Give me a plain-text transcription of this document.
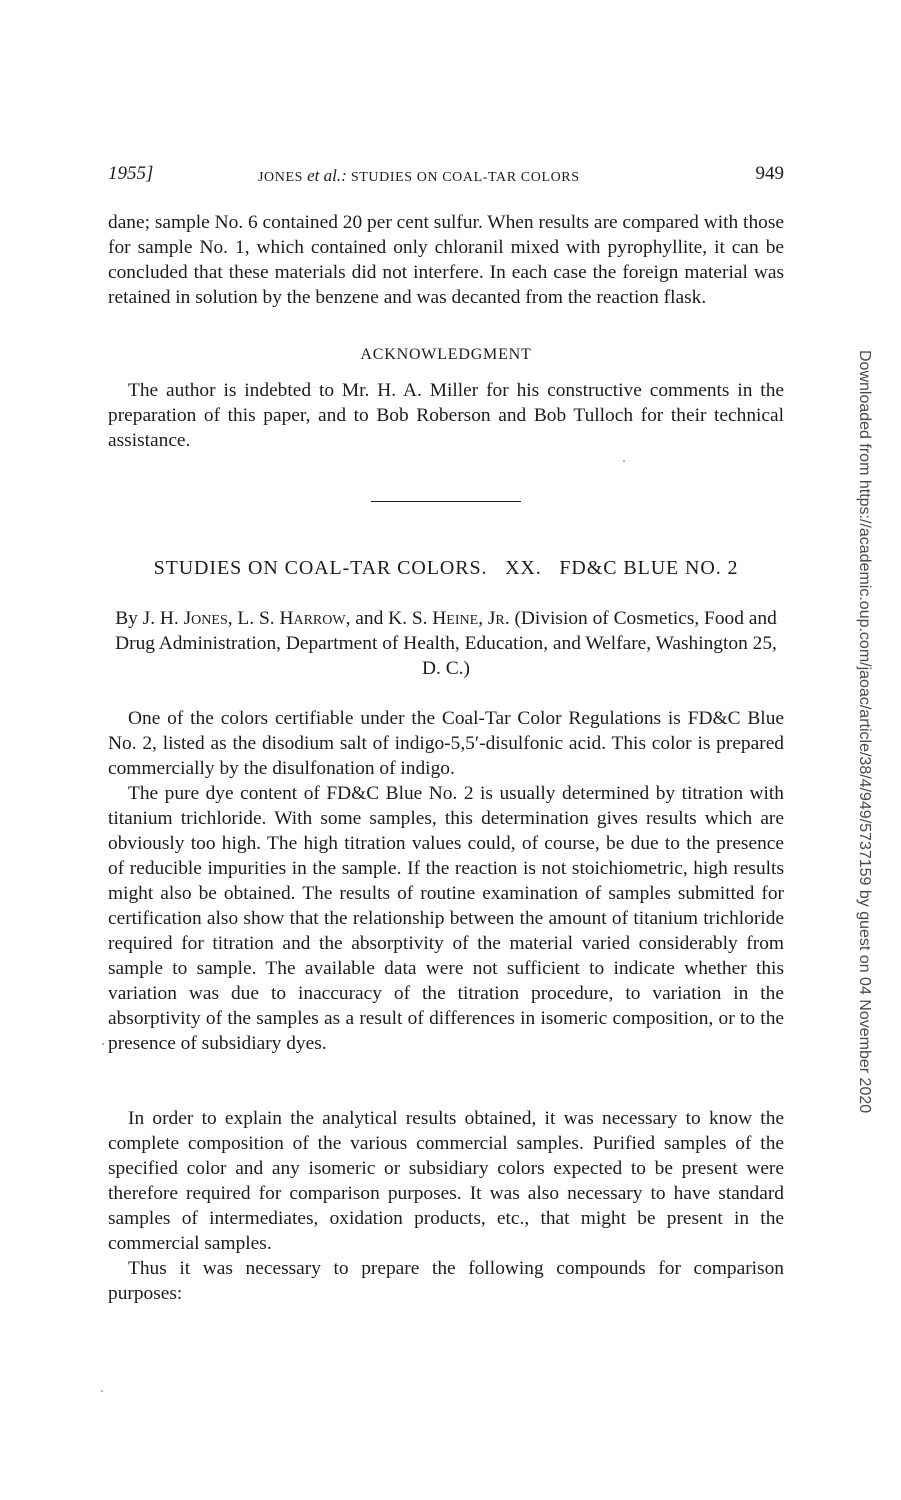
1955]	JONES et al.: STUDIES ON COAL-TAR COLORS	949

dane; sample No. 6 contained 20 per cent sulfur. When results are compared with those for sample No. 1, which contained only chloranil mixed with pyrophyllite, it can be concluded that these materials did not interfere. In each case the foreign material was retained in solution by the benzene and was decanted from the reaction flask.

ACKNOWLEDGMENT

The author is indebted to Mr. H. A. Miller for his constructive comments in the preparation of this paper, and to Bob Roberson and Bob Tulloch for their technical assistance.

STUDIES ON COAL-TAR COLORS.   XX.   FD&C BLUE NO. 2
By J. H. Jones, L. S. Harrow, and K. S. Heine, Jr. (Division of Cosmetics, Food and Drug Administration, Department of Health, Education, and Welfare, Washington 25, D. C.)

One of the colors certifiable under the Coal-Tar Color Regulations is FD&C Blue No. 2, listed as the disodium salt of indigo-5,5′-disulfonic acid. This color is prepared commercially by the disulfonation of indigo.

The pure dye content of FD&C Blue No. 2 is usually determined by titration with titanium trichloride. With some samples, this determination gives results which are obviously too high. The high titration values could, of course, be due to the presence of reducible impurities in the sample. If the reaction is not stoichiometric, high results might also be obtained. The results of routine examination of samples submitted for certification also show that the relationship between the amount of titanium trichloride required for titration and the absorptivity of the material varied considerably from sample to sample. The available data were not sufficient to indicate whether this variation was due to inaccuracy of the titration procedure, to variation in the absorptivity of the samples as a result of differences in isomeric composition, or to the presence of subsidiary dyes.

In order to explain the analytical results obtained, it was necessary to know the complete composition of the various commercial samples. Purified samples of the specified color and any isomeric or subsidiary colors expected to be present were therefore required for comparison purposes. It was also necessary to have standard samples of intermediates, oxidation products, etc., that might be present in the commercial samples.

Thus it was necessary to prepare the following compounds for comparison purposes:

Downloaded from https://academic.oup.com/jaoac/article/38/4/949/5737159 by guest on 04 November 2020
